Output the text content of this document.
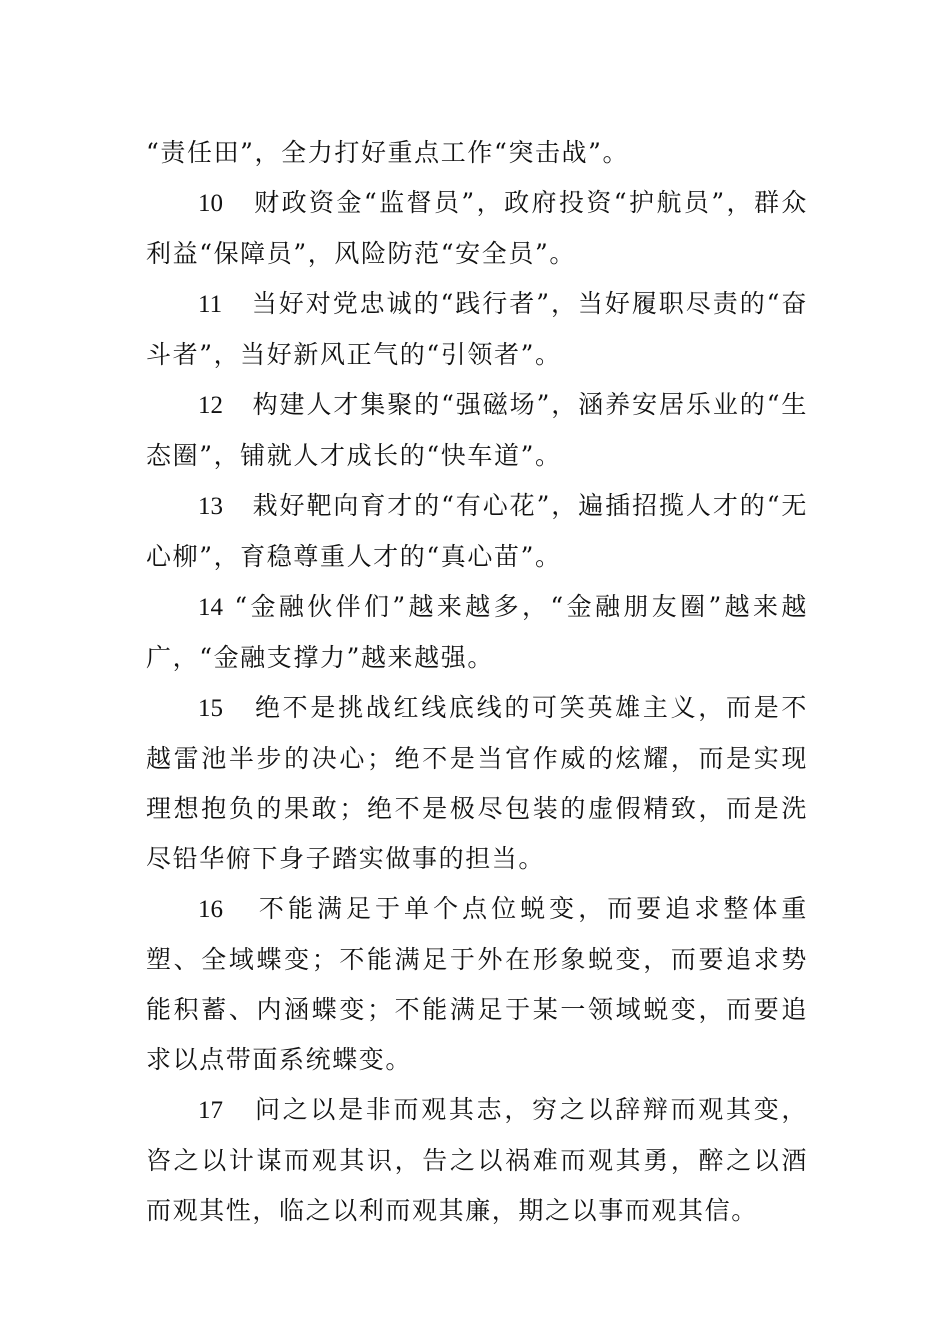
“责任田”，全力打好重点工作“突击战”。

10 财政资金“监督员”，政府投资“护航员”，群众利益“保障员”，风险防范“安全员”。

11 当好对党忠诚的“践行者”，当好履职尽责的“奋斗者”，当好新风正气的“引领者”。

12 构建人才集聚的“强磁场”，涵养安居乐业的“生态圈”，铺就人才成长的“快车道”。

13 栽好靶向育才的“有心花”，遍插招揽人才的“无心柳”，育稳尊重人才的“真心苗”。

14 “金融伙伴们”越来越多，“金融朋友圈”越来越广，“金融支撑力”越来越强。

15 绝不是挑战红线底线的可笑英雄主义，而是不越雷池半步的决心；绝不是当官作威的炫耀，而是实现理想抱负的果敢；绝不是极尽包装的虚假精致，而是洗尽铅华俯下身子踏实做事的担当。

16 不能满足于单个点位蜕变，而要追求整体重塑、全域蝶变；不能满足于外在形象蜕变，而要追求势能积蓄、内涵蝶变；不能满足于某一领域蜕变，而要追求以点带面系统蝶变。

17 问之以是非而观其志，穷之以辞辩而观其变，咨之以计谋而观其识，告之以祸难而观其勇，醉之以酒而观其性，临之以利而观其廉，期之以事而观其信。
